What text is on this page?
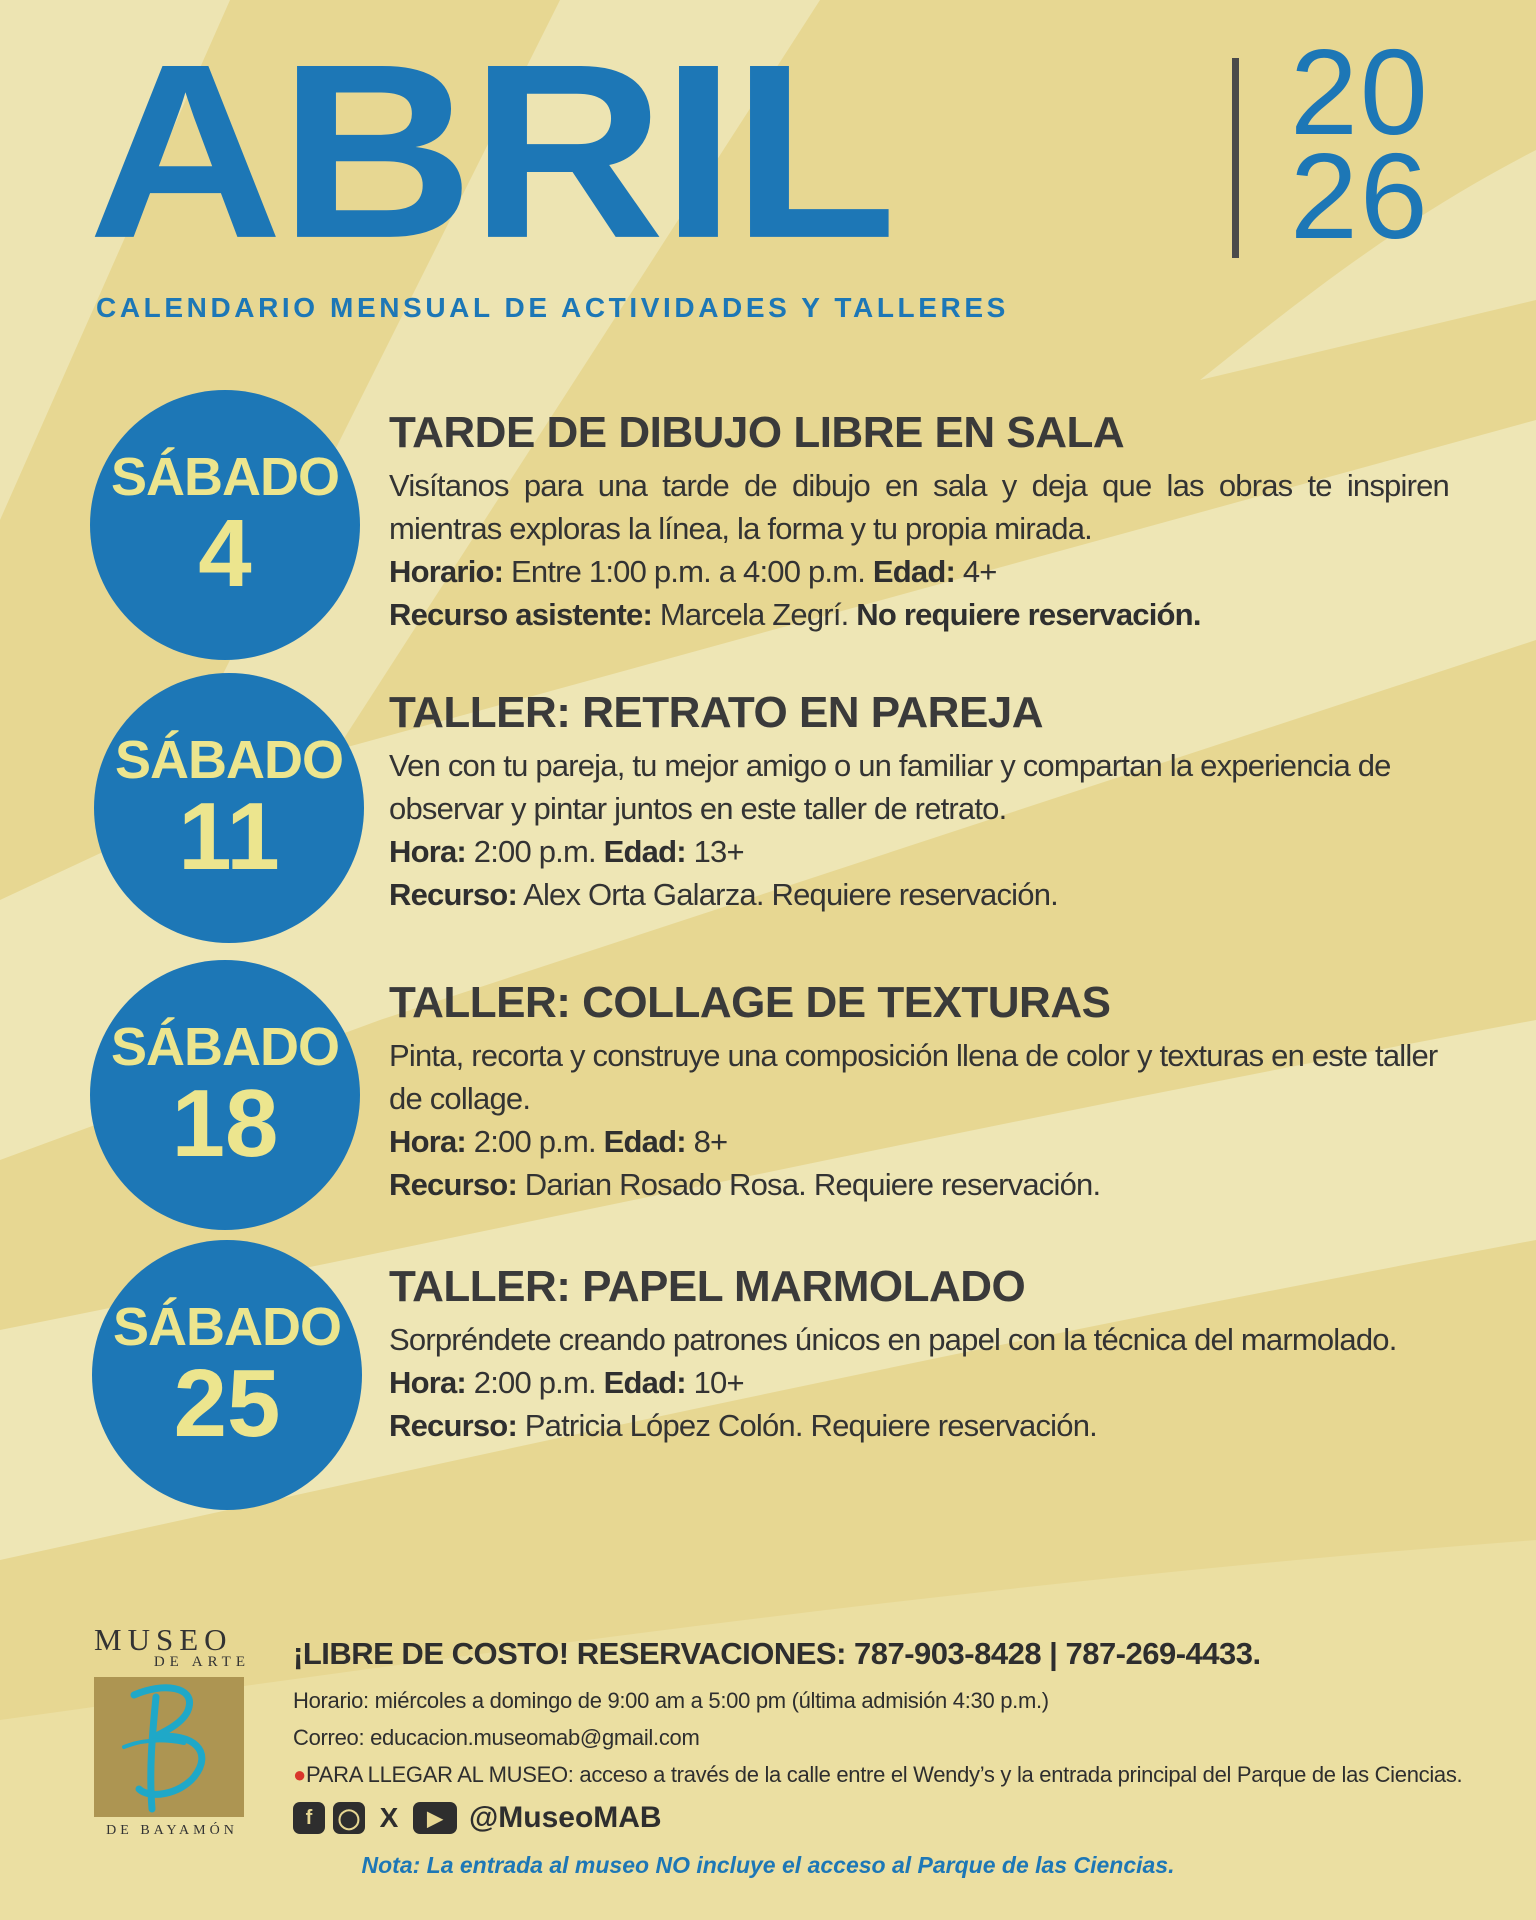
ABRIL
CALENDARIO MENSUAL DE ACTIVIDADES Y TALLERES
20
26
SÁBADO
4
TARDE DE DIBUJO LIBRE EN SALA

Visítanos para una tarde de dibujo en sala y deja que las obras te inspiren mientras exploras la línea, la forma y tu propia mirada.

Horario: Entre 1:00 p.m. a 4:00 p.m. Edad: 4+

Recurso asistente: Marcela Zegrí. No requiere reservación.

SÁBADO
11
TALLER: RETRATO EN PAREJA

Ven con tu pareja, tu mejor amigo o un familiar y compartan la experiencia de observar y pintar juntos en este taller de retrato.

Hora: 2:00 p.m. Edad: 13+

Recurso: Alex Orta Galarza. Requiere reservación.

SÁBADO
18
TALLER: COLLAGE DE TEXTURAS

Pinta, recorta y construye una composición llena de color y texturas en este taller de collage.

Hora: 2:00 p.m. Edad: 8+

Recurso: Darian Rosado Rosa. Requiere reservación.

SÁBADO
25
TALLER: PAPEL MARMOLADO

Sorpréndete creando patrones únicos en papel con la técnica del marmolado.

Hora: 2:00 p.m. Edad: 10+

Recurso: Patricia López Colón. Requiere reservación.

MUSEO
DE ARTE
DE BAYAMÓN
¡LIBRE DE COSTO! RESERVACIONES: 787-903-8428 | 787-269-4433.
Horario: miércoles a domingo de 9:00 am a 5:00 pm (última admisión 4:30 p.m.)
Correo: educacion.museomab@gmail.com
●PARA LLEGAR AL MUSEO: acceso a través de la calle entre el Wendy’s y la entrada principal del Parque de las Ciencias.
f	◯ X	▶ @MuseoMAB
Nota: La entrada al museo NO incluye el acceso al Parque de las Ciencias.
